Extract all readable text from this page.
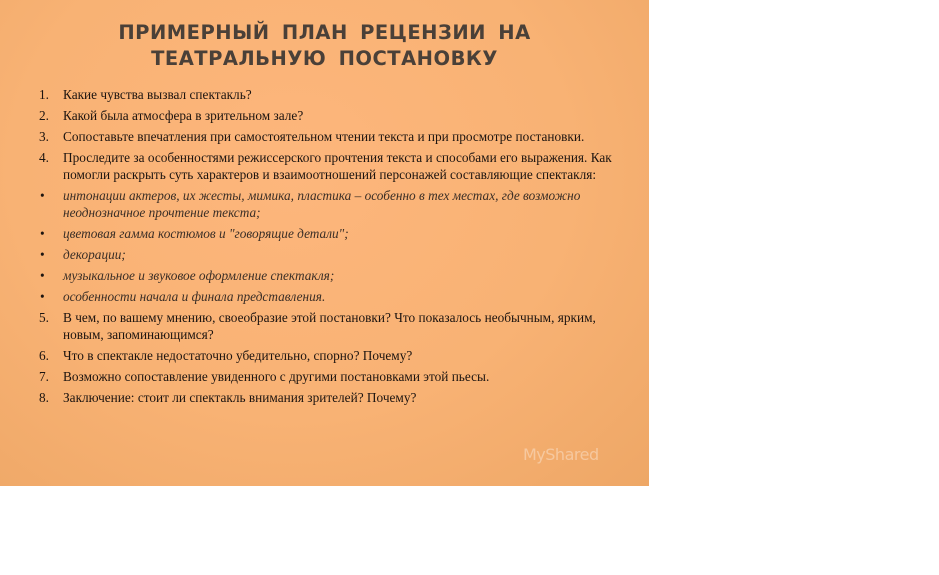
ПРИМЕРНЫЙ ПЛАН РЕЦЕНЗИИ НА
ТЕАТРАЛЬНУЮ ПОСТАНОВКУ
1. Какие чувства вызвал спектакль?
2. Какой была атмосфера в зрительном зале?
3. Сопоставьте впечатления при самостоятельном чтении текста и при просмотре постановки.
4. Проследите за особенностями режиссерского прочтения текста и способами его выражения. Как помогли раскрыть суть характеров и взаимоотношений персонажей составляющие спектакля:
• интонации актеров, их жесты, мимика, пластика – особенно в тех местах, где возможно неоднозначное прочтение текста;
• цветовая гамма костюмов и "говорящие детали";
• декорации;
• музыкальное и звуковое оформление спектакля;
• особенности начала и финала представления.
5. В чем, по вашему мнению, своеобразие этой постановки? Что показалось необычным, ярким, новым, запоминающимся?
6. Что в спектакле недостаточно убедительно, спорно? Почему?
7. Возможно сопоставление увиденного с другими постановками этой пьесы.
8. Заключение: стоит ли спектакль внимания зрителей? Почему?
MyShared
